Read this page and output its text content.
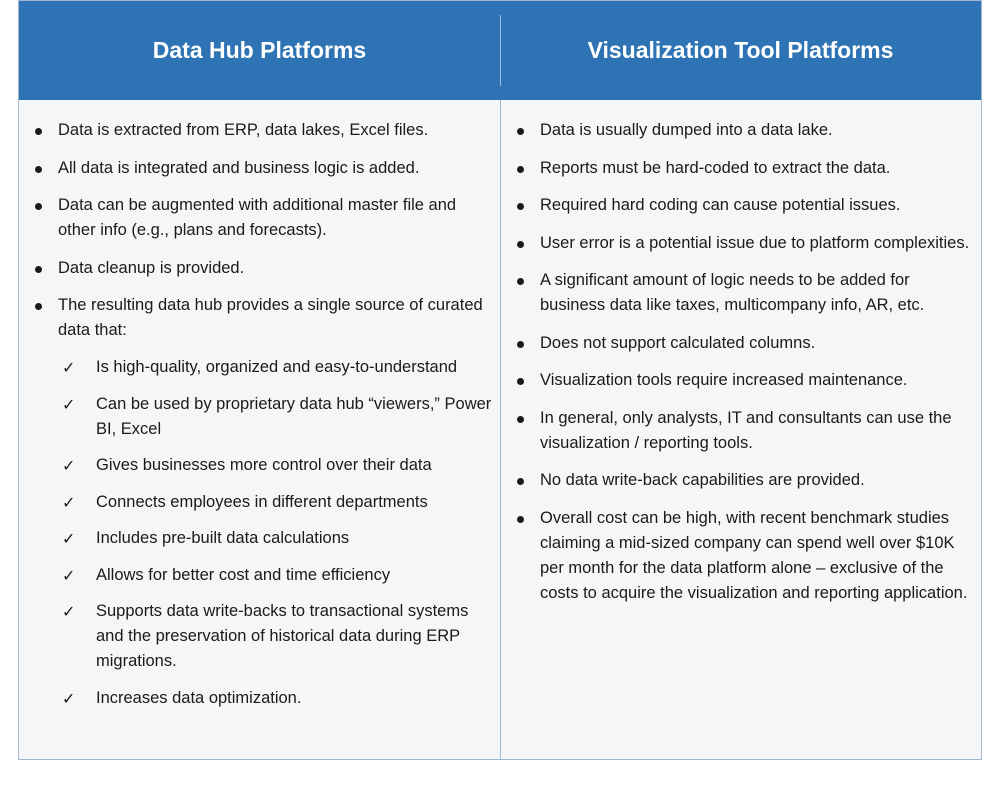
Data Hub Platforms	Visualization Tool Platforms
Data is extracted from ERP, data lakes, Excel files.
All data is integrated and business logic is added.
Data can be augmented with additional master file and other info (e.g., plans and forecasts).
Data cleanup is provided.
The resulting data hub provides a single source of curated data that:
✓ Is high-quality, organized and easy-to-understand
✓ Can be used by proprietary data hub “viewers,” Power BI, Excel
✓ Gives businesses more control over their data
✓ Connects employees in different departments
✓ Includes pre-built data calculations
✓ Allows for better cost and time efficiency
✓ Supports data write-backs to transactional systems and the preservation of historical data during ERP migrations.
✓ Increases data optimization.
Data is usually dumped into a data lake.
Reports must be hard-coded to extract the data.
Required hard coding can cause potential issues.
User error is a potential issue due to platform complexities.
A significant amount of logic needs to be added for business data like taxes, multicompany info, AR, etc.
Does not support calculated columns.
Visualization tools require increased maintenance.
In general, only analysts, IT and consultants can use the visualization / reporting tools.
No data write-back capabilities are provided.
Overall cost can be high, with recent benchmark studies claiming a mid-sized company can spend well over $10K per month for the data platform alone – exclusive of the costs to acquire the visualization and reporting application.
